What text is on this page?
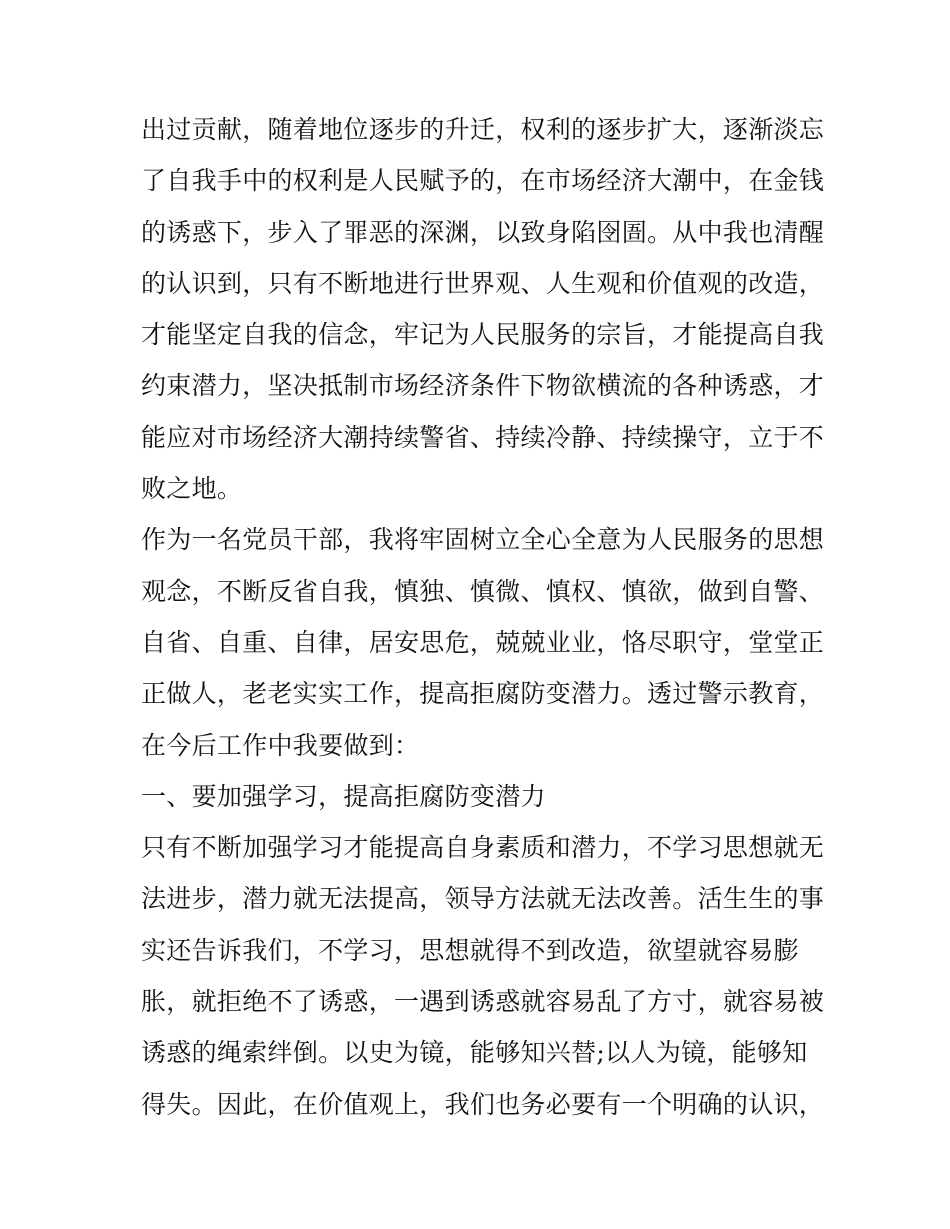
出过贡献，随着地位逐步的升迁，权利的逐步扩大，逐渐淡忘
了自我手中的权利是人民赋予的，在市场经济大潮中，在金钱
的诱惑下，步入了罪恶的深渊，以致身陷囹圄。从中我也清醒
的认识到，只有不断地进行世界观、人生观和价值观的改造，
才能坚定自我的信念，牢记为人民服务的宗旨，才能提高自我
约束潜力，坚决抵制市场经济条件下物欲横流的各种诱惑，才
能应对市场经济大潮持续警省、持续冷静、持续操守，立于不
败之地。
作为一名党员干部，我将牢固树立全心全意为人民服务的思想
观念，不断反省自我，慎独、慎微、慎权、慎欲，做到自警、
自省、自重、自律，居安思危，兢兢业业，恪尽职守，堂堂正
正做人，老老实实工作，提高拒腐防变潜力。透过警示教育，
在今后工作中我要做到：
一、要加强学习，提高拒腐防变潜力
只有不断加强学习才能提高自身素质和潜力，不学习思想就无
法进步，潜力就无法提高，领导方法就无法改善。活生生的事
实还告诉我们，不学习，思想就得不到改造，欲望就容易膨
胀，就拒绝不了诱惑，一遇到诱惑就容易乱了方寸，就容易被
诱惑的绳索绊倒。以史为镜，能够知兴替;以人为镜，能够知
得失。因此，在价值观上，我们也务必要有一个明确的认识，
